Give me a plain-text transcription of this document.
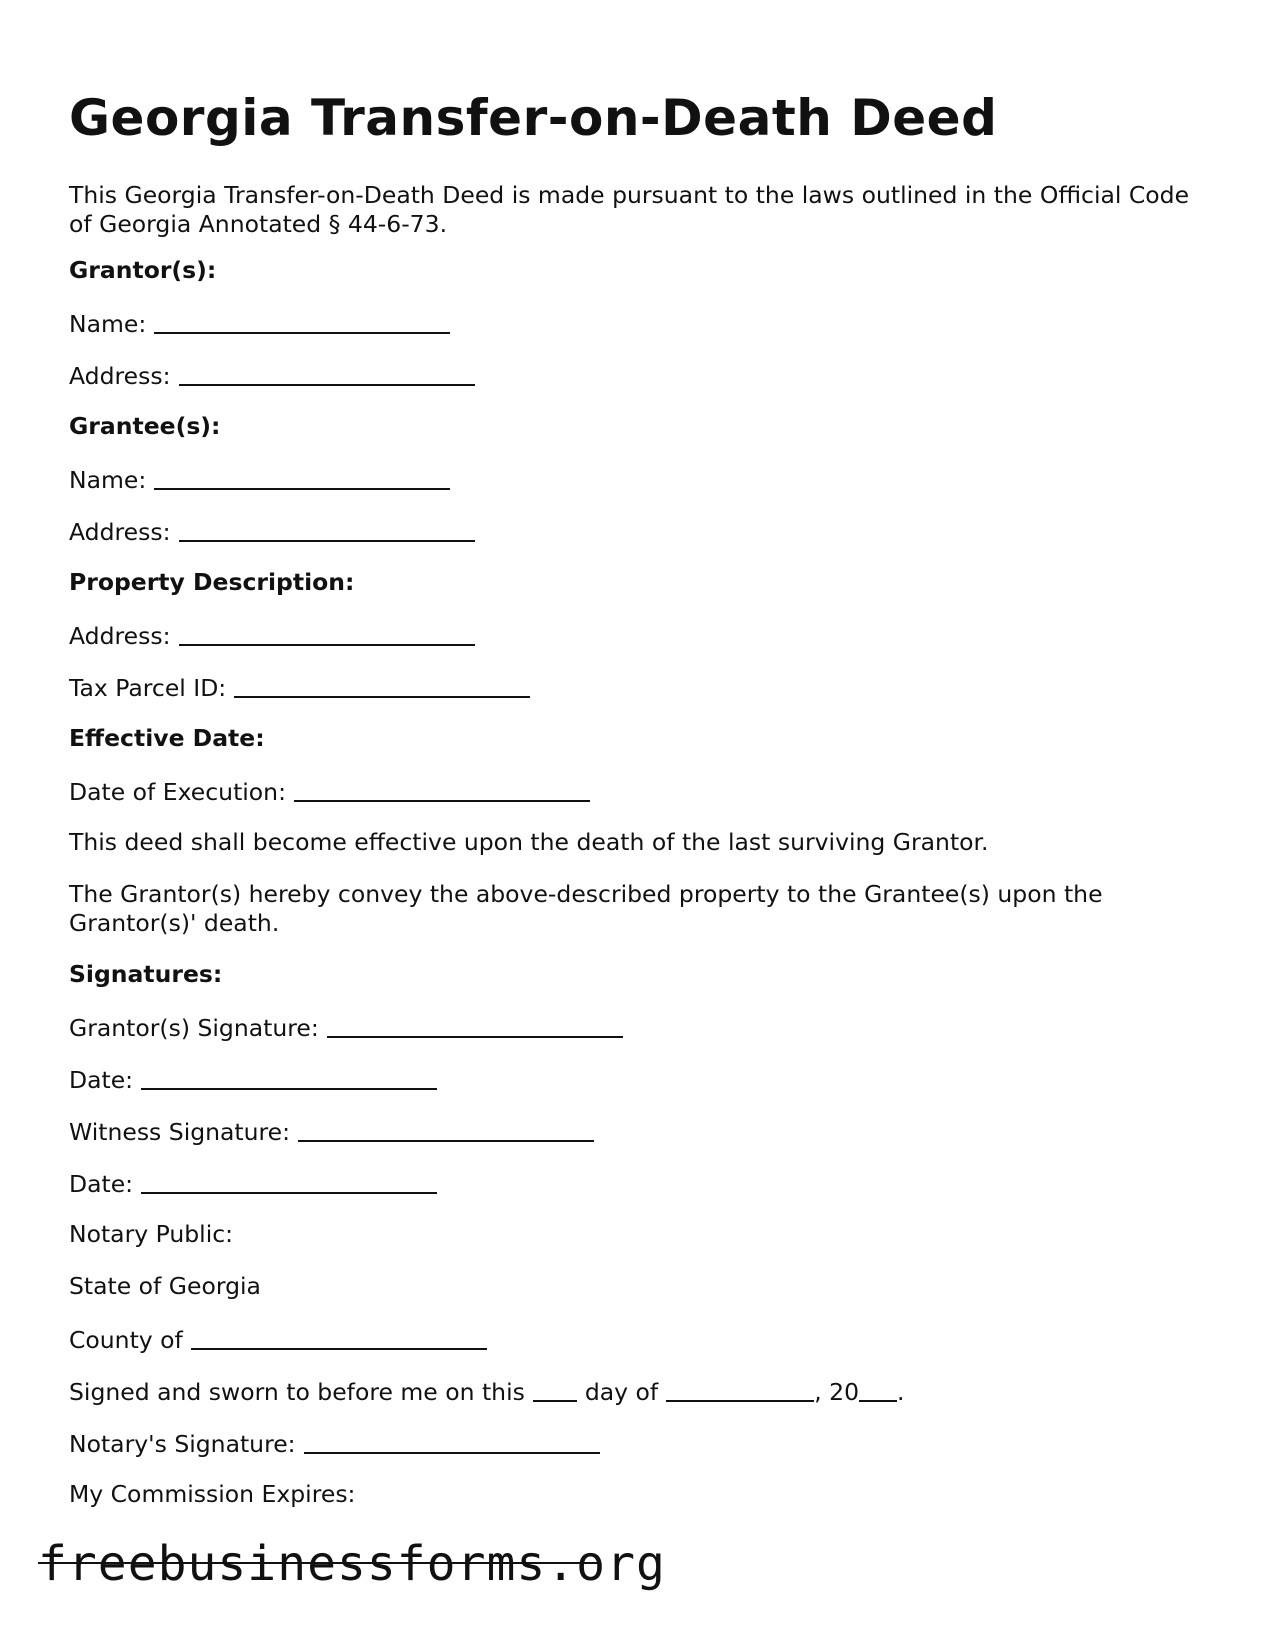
Georgia Transfer-on-Death Deed

This Georgia Transfer-on-Death Deed is made pursuant to the laws outlined in the Official Code of Georgia Annotated § 44-6-73.

Grantor(s):

Name:

Address:

Grantee(s):

Name:

Address:

Property Description:

Address:

Tax Parcel ID:

Effective Date:

Date of Execution:

This deed shall become effective upon the death of the last surviving Grantor.

The Grantor(s) hereby convey the above-described property to the Grantee(s) upon the Grantor(s)' death.

Signatures:

Grantor(s) Signature:

Date:

Witness Signature:

Date:

Notary Public:

State of Georgia

County of

Signed and sworn to before me on this	day of	, 20 .

Notary's Signature:

My Commission Expires:

freebusinessforms.org
